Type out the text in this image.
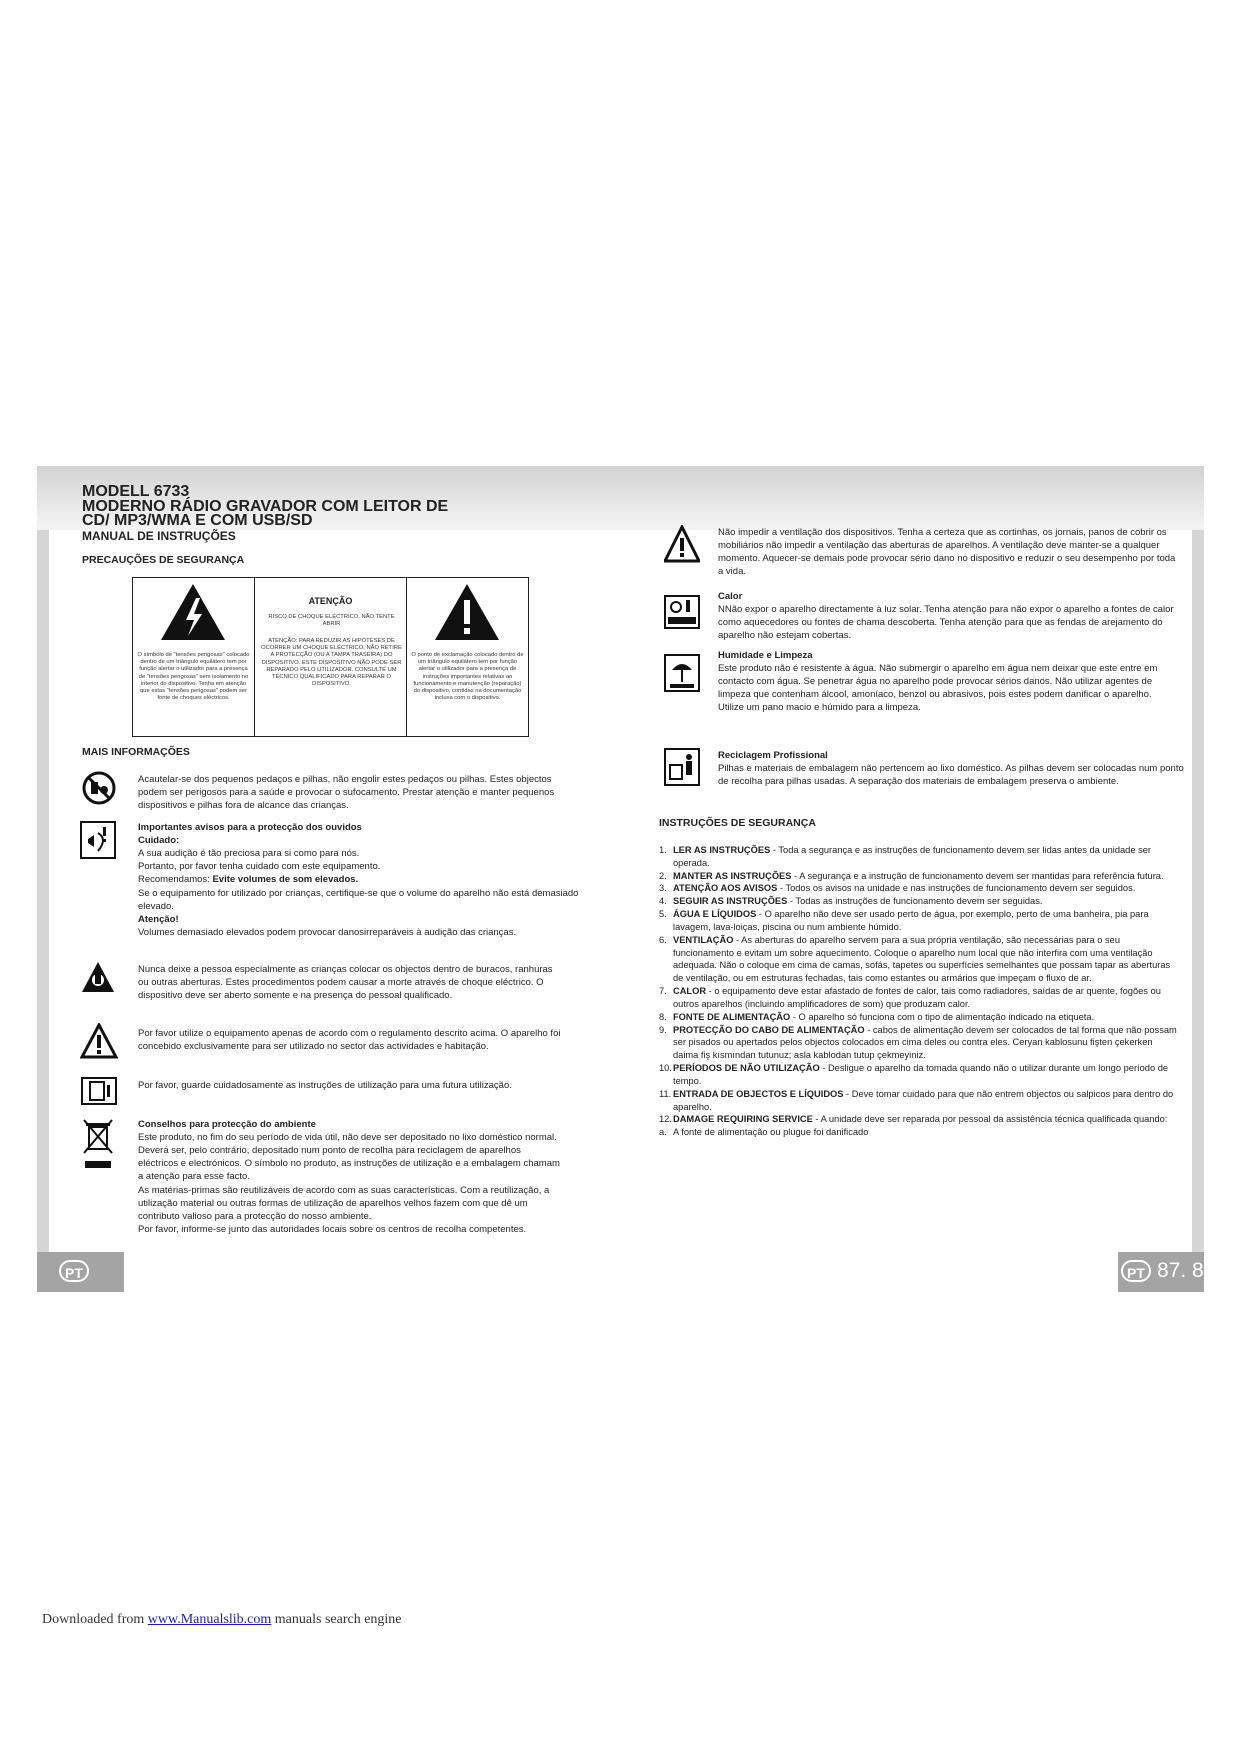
MODELL 6733
MODERNO RÁDIO GRAVADOR COM LEITOR DE
CD/ MP3/WMA E COM USB/SD
MANUAL DE INSTRUÇÕES
PRECAUÇÕES DE SEGURANÇA
O símbolo de "tensões perigosas" colocado dentro de um triângulo equilátero tem por função alertar o utilizador para a presença de "tensões perigosas" sem isolamento no interior do dispositivo. Tenha em atenção que estas "tensões perigosas" podem ser fonte de choques eléctricos.
ATENÇÃO
RISCO DE CHOQUE ELÉCTRICO, NÃO TENTE ABRIR
ATENÇÃO: PARA REDUZIR AS HIPÓTESES DE OCORRER UM CHOQUE ELÉCTRICO, NÃO RETIRE A PROTECÇÃO (OU A TAMPA TRASEIRA) DO DISPOSITIVO. ESTE DISPOSITIVO NÃO PODE SER REPARADO PELO UTILIZADOR. CONSULTE UM TÉCNICO QUALIFICADO PARA REPARAR O DISPOSITIVO.
O ponto de exclamação colocado dentro de um triângulo equilátero tem por função alertar o utilizador para a presença de instruções importantes relativas ao funcionamento e manutenção (reparação) do dispositivo, contidas na documentação inclusa com o dispositivo.
MAIS INFORMAÇÕES
Acautelar-se dos pequenos pedaços e pilhas, não engolir estes pedaços ou pilhas. Estes objectos podem ser perigosos para a saúde e provocar o sufocamento. Prestar atenção e manter pequenos dispositivos e pilhas fora de alcance das crianças.
Importantes avisos para a protecção dos ouvidos
Cuidado:
A sua audição é tão preciosa para si como para nós.
Portanto, por favor tenha cuidado com este equipamento.
Recomendamos: Evite volumes de som elevados.
Se o equipamento for utilizado por crianças, certifique-se que o volume do aparelho não está demasiado elevado.
Atenção!
Volumes demasiado elevados podem provocar danosirreparáveis à audição das crianças.
Nunca deixe a pessoa especialmente as crianças colocar os objectos dentro de buracos, ranhuras ou outras aberturas. Estes procedimentos podem causar a morte através de choque eléctrico. O dispositivo deve ser aberto somente e na presença do pessoal qualificado.
Por favor utilize o equipamento apenas de acordo com o regulamento descrito acima. O aparelho foi concebido exclusivamente para ser utilizado no sector das actividades e habitação.
Por favor, guarde cuidadosamente as instruções de utilização para uma futura utilização.
Conselhos para protecção do ambiente
Este produto, no fim do seu período de vida útil, não deve ser depositado no lixo doméstico normal. Deverá ser, pelo contrário, depositado num ponto de recolha para reciclagem de aparelhos eléctricos e electrónicos. O símbolo no produto, as instruções de utilização e a embalagem chamam a atenção para esse facto.
As matérias-primas são reutilizáveis de acordo com as suas características. Com a reutilização, a utilização material ou outras formas de utilização de aparelhos velhos fazem com que dê um contributo valioso para a protecção do nosso ambiente.
Por favor, informe-se junto das autoridades locais sobre os centros de recolha competentes.
Não impedir a ventilação dos dispositivos. Tenha a certeza que as cortinhas, os jornais, panos de cobrir os mobiliários não impedir a ventilação das aberturas de aparelhos. A ventilação deve manter-se a qualquer momento. Aquecer-se demais pode provocar sério dano no dispositivo e reduzir o seu desempenho por toda a vida.
Calor
NNão expor o aparelho directamente à luz solar. Tenha atenção para não expor o aparelho a fontes de calor como aquecedores ou fontes de chama descoberta. Tenha atenção para que as fendas de arejamento do aparelho não estejam cobertas.
Humidade e Limpeza
Este produto não é resistente à água. Não submergir o aparelho em água nem deixar que este entre em contacto com água. Se penetrar água no aparelho pode provocar sérios danos. Não utilizar agentes de limpeza que contenham álcool, amoníaco, benzol ou abrasivos, pois estes podem danificar o aparelho. Utilize um pano macio e húmido para a limpeza.
Reciclagem Profissional
Pilhas e materiais de embalagem não pertencem ao lixo doméstico. As pilhas devem ser colocadas num ponto de recolha para pilhas usadas. A separação dos materiais de embalagem preserva o ambiente.
INSTRUÇÕES DE SEGURANÇA
1. LER AS INSTRUÇÕES - Toda a segurança e as instruções de funcionamento devem ser lidas antes da unidade ser operada.
2. MANTER AS INSTRUÇÕES - A segurança e a instrução de funcionamento devem ser mantidas para referência futura.
3. ATENÇÃO AOS AVISOS - Todos os avisos na unidade e nas instruções de funcionamento devem ser seguidos.
4. SEGUIR AS INSTRUÇÕES - Todas as instruções de funcionamento devem ser seguidas.
5. ÁGUA E LÍQUIDOS - O aparelho não deve ser usado perto de água, por exemplo, perto de uma banheira, pia para lavagem, lava-loiças, piscina ou num ambiente húmido.
6. VENTILAÇÃO - As aberturas do aparelho servem para a sua própria ventilação, são necessárias para o seu funcionamento e evitam um sobre aquecimento. Coloque o aparelho num local que não interfira com uma ventilação adequada. Não o coloque em cima de camas, sofás, tapetes ou superfícies semelhantes que possam tapar as aberturas de ventilação, ou em estruturas fechadas, tais como estantes ou armários que impeçam o fluxo de ar.
7. CALOR - o equipamento deve estar afastado de fontes de calor, tais como radiadores, saídas de ar quente, fogões ou outros aparelhos (incluindo amplificadores de som) que produzam calor.
8. FONTE DE ALIMENTAÇÃO - O aparelho só funciona com o tipo de alimentação indicado na etiqueta.
9. PROTECÇÃO DO CABO DE ALIMENTAÇÃO - cabos de alimentação devem ser colocados de tal forma que não possam ser pisados ou apertados pelos objectos colocados em cima deles ou contra eles. Ceryan kablosunu fişten çekerken daima fiş kısmından tutunuz; asla kablodan tutup çekmeyiniz.
10. PERÍODOS DE NÃO UTILIZAÇÃO - Desligue o aparelho da tomada quando não o utilizar durante um longo período de tempo.
11. ENTRADA DE OBJECTOS E LÍQUIDOS - Deve tomar cuidado para que não entrem objectos ou salpicos para dentro do aparelho.
12. DAMAGE REQUIRING SERVICE - A unidade deve ser reparada por pessoal da assistência técnica qualificada quando:
a. A fonte de alimentação ou plugue foi danificado
PT	PT 87. 8
Downloaded from www.Manualslib.com manuals search engine
